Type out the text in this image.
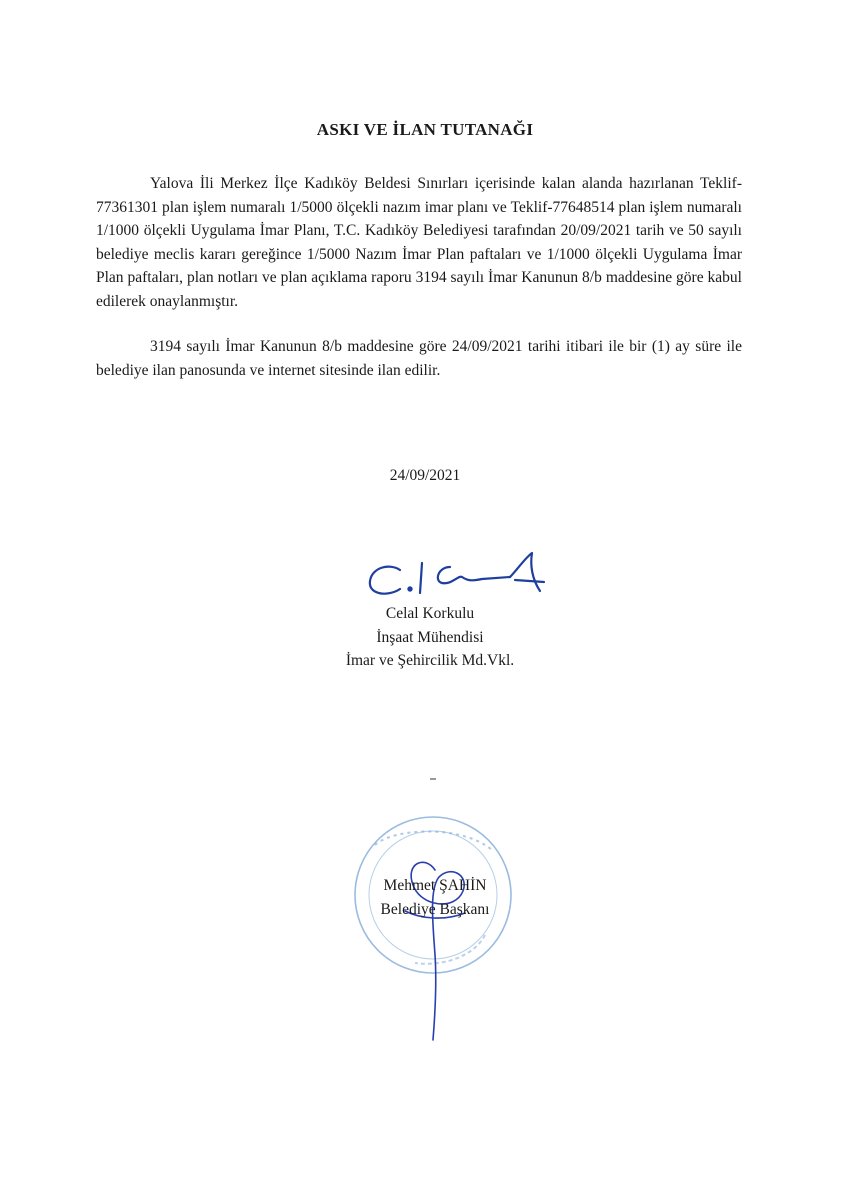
ASKI VE İLAN TUTANAĞI

Yalova İli Merkez İlçe Kadıköy Beldesi Sınırları içerisinde kalan alanda hazırlanan Teklif-77361301 plan işlem numaralı 1/5000 ölçekli nazım imar planı ve Teklif-77648514 plan işlem numaralı 1/1000 ölçekli Uygulama İmar Planı, T.C. Kadıköy Belediyesi tarafından 20/09/2021 tarih ve 50 sayılı belediye meclis kararı gereğince 1/5000 Nazım İmar Plan paftaları ve 1/1000 ölçekli Uygulama İmar Plan paftaları, plan notları ve plan açıklama raporu 3194 sayılı İmar Kanunun 8/b maddesine göre kabul edilerek onaylanmıştır.

3194 sayılı İmar Kanunun 8/b maddesine göre 24/09/2021 tarihi itibari ile bir (1) ay süre ile belediye ilan panosunda ve internet sitesinde ilan edilir.

24/09/2021
Celal Korkulu
İnşaat Mühendisi
İmar ve Şehircilik Md.Vkl.
Mehmet ŞAHİN
Belediye Başkanı
